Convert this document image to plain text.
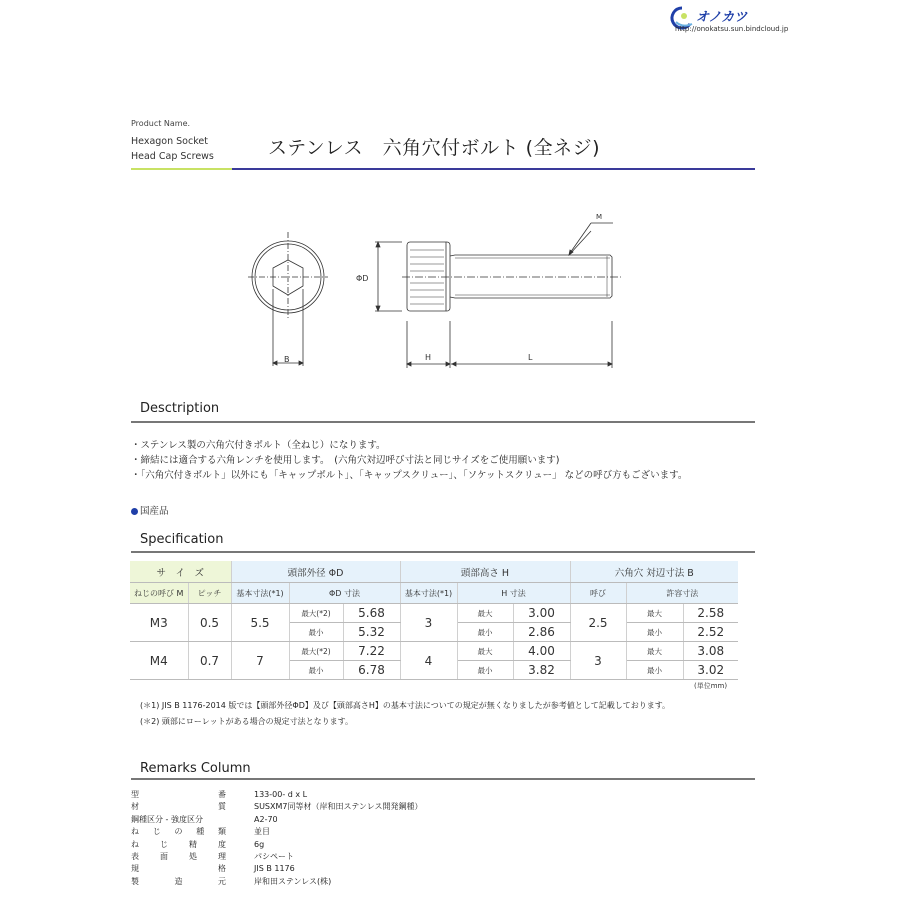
オノカツ
http://onokatsu.sun.bindcloud.jp
Product Name.
Hexagon Socket
Head Cap Screws	ステンレス　六角穴付ボルト (全ネジ)
B
ΦD
M
H	L
Desctription
・ステンレス製の六角穴付きボルト（全ねじ）になります。
・締結には適合する六角レンチを使用します。　(六角穴対辺呼び寸法と同じサイズをご使用願います)
・「六角穴付きボルト」以外にも「キャップボルト」、「キャップスクリュー」、「ソケットスクリュー」 などの呼び方もございます。
国産品
Specification
サ　イ　ズ		頭部外径 ΦD			頭部高さ H			六角穴 対辺寸法 B		
ねじの呼び M	ピッチ	基本寸法(*1)	ΦD 寸法		基本寸法(*1)	H 寸法		呼び	許容寸法	
M3	0.5	5.5	最大(*2)	5.68	3	最大	3.00	2.5	最大	2.58
			最小	5.32		最小	2.86		最小	2.52
M4	0.7	7	最大(*2)	7.22	4	最大	4.00	3	最大	3.08
			最小	6.78		最小	3.82		最小	3.02
(単位mm)
(＊1) JIS B 1176-2014 版では【頭部外径ΦD】及び【頭部高さH】の基本寸法についての規定が無くなりましたが参考値として記載しております。
(＊2) 頭部にローレットがある場合の規定寸法となります。
Remarks Column
型	番	133-00- d x L
材	質	SUSXM7同等材（岸和田ステンレス開発鋼種）
鋼種区分 - 強度区分	A2-70
ね じ の 種 類	並目
ね	じ	精	度	6g
表	面	処	理	パシペート
規	格	JIS B 1176
製	造	元	岸和田ステンレス(株)
